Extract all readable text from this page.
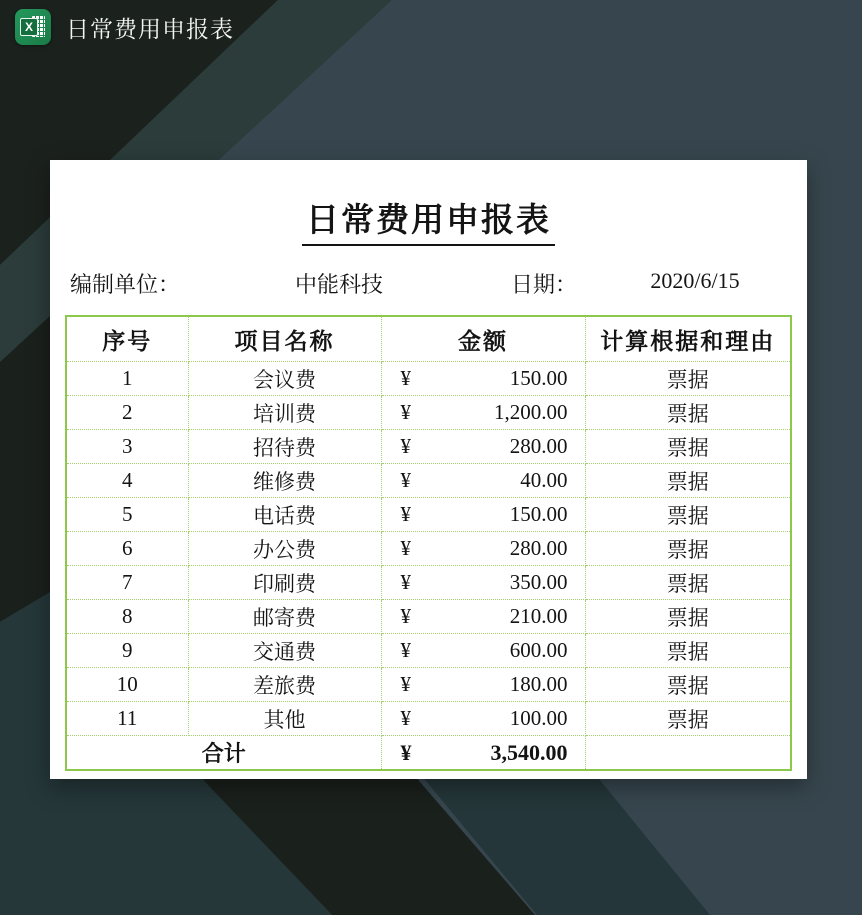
X 日常费用申报表
日常费用申报表
编制单位：	中能科技	日期：	2020/6/15
序号	项目名称	金额	计算根据和理由
1	会议费	¥ 150.00	票据
2	培训费	¥ 1,200.00	票据
3	招待费	¥ 280.00	票据
4	维修费	¥ 40.00	票据
5	电话费	¥ 150.00	票据
6	办公费	¥ 280.00	票据
7	印刷费	¥ 350.00	票据
8	邮寄费	¥ 210.00	票据
9	交通费	¥ 600.00	票据
10	差旅费	¥ 180.00	票据
11	其他	¥ 100.00	票据
合计		¥ 3,540.00	
